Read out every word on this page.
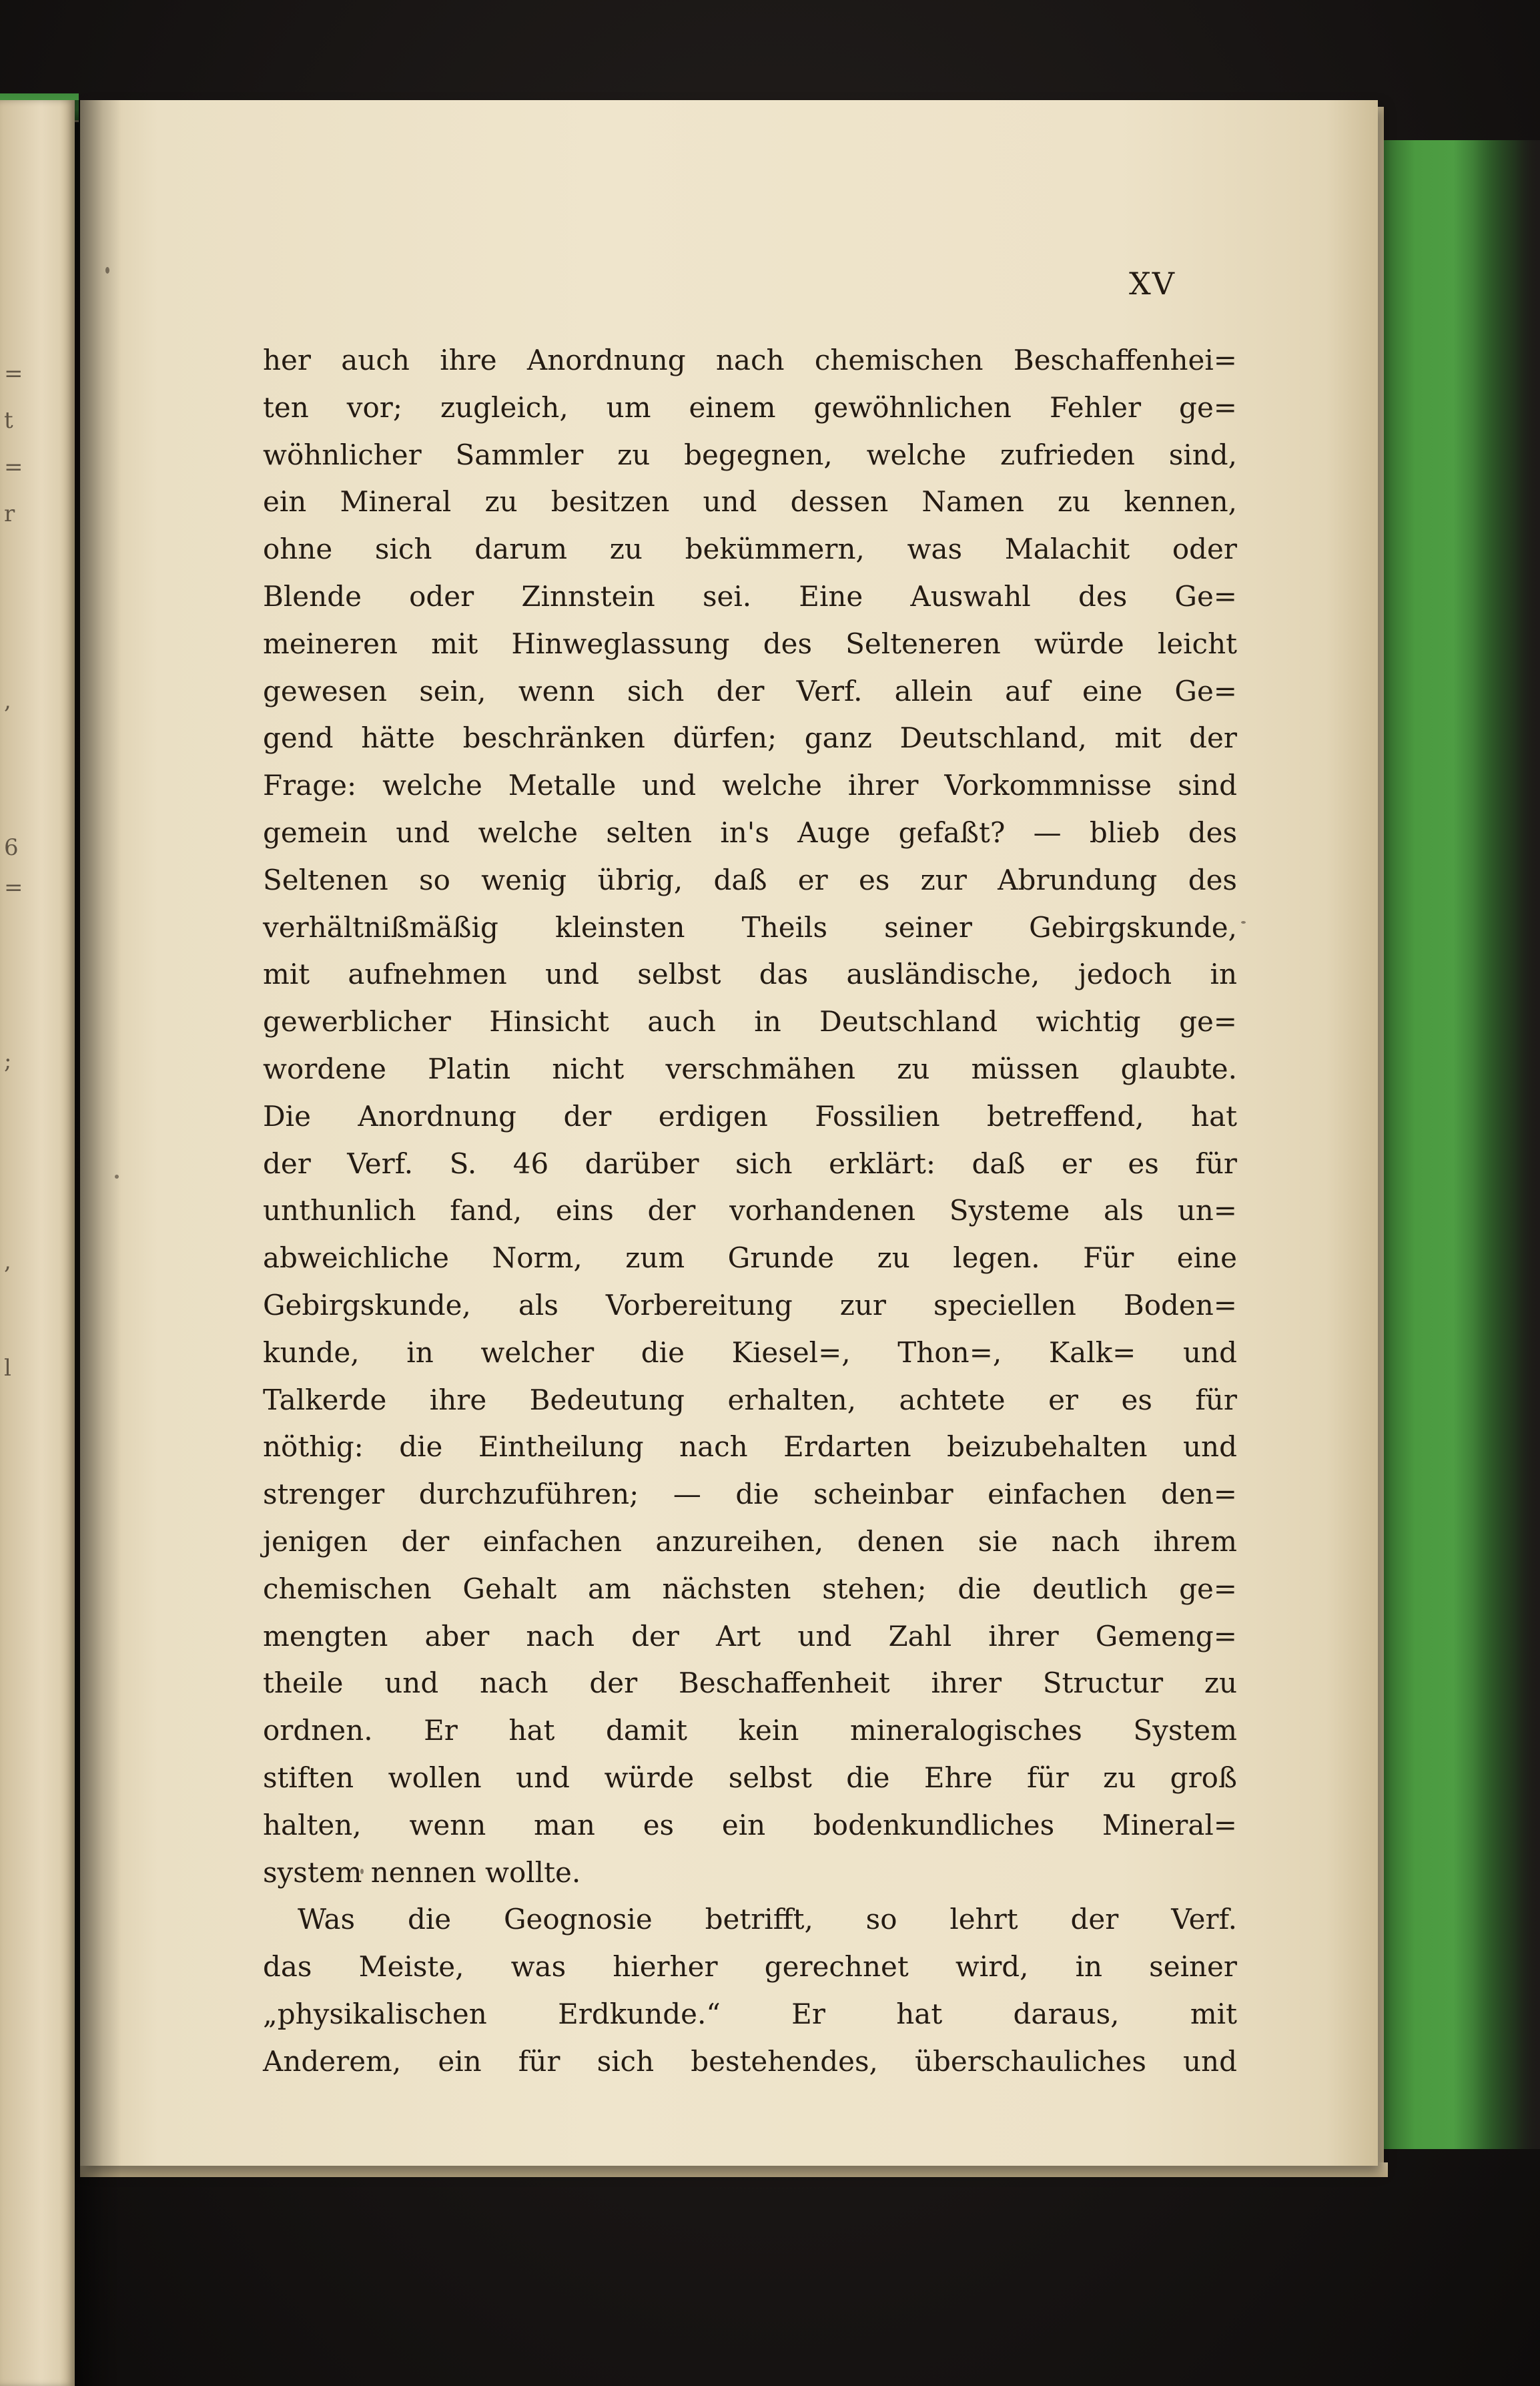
=
t
=
r
,
6
=
;
,
l
XV
her auch ihre Anordnung nach chemischen Beschaffenhei=
ten vor; zugleich, um einem gewöhnlichen Fehler ge=
wöhnlicher Sammler zu begegnen, welche zufrieden sind,
ein Mineral zu besitzen und dessen Namen zu kennen,
ohne sich darum zu bekümmern, was Malachit oder
Blende oder Zinnstein sei. Eine Auswahl des Ge=
meineren mit Hinweglassung des Selteneren würde leicht
gewesen sein, wenn sich der Verf. allein auf eine Ge=
gend hätte beschränken dürfen; ganz Deutschland, mit der
Frage: welche Metalle und welche ihrer Vorkommnisse sind
gemein und welche selten in's Auge gefaßt? — blieb des
Seltenen so wenig übrig, daß er es zur Abrundung des
verhältnißmäßig kleinsten Theils seiner Gebirgskunde,
mit aufnehmen und selbst das ausländische, jedoch in
gewerblicher Hinsicht auch in Deutschland wichtig ge=
wordene Platin nicht verschmähen zu müssen glaubte.
Die Anordnung der erdigen Fossilien betreffend, hat
der Verf. S. 46 darüber sich erklärt: daß er es für
unthunlich fand, eins der vorhandenen Systeme als un=
abweichliche Norm, zum Grunde zu legen. Für eine
Gebirgskunde, als Vorbereitung zur speciellen Boden=
kunde, in welcher die Kiesel=, Thon=, Kalk= und
Talkerde ihre Bedeutung erhalten, achtete er es für
nöthig: die Eintheilung nach Erdarten beizubehalten und
strenger durchzuführen; — die scheinbar einfachen den=
jenigen der einfachen anzureihen, denen sie nach ihrem
chemischen Gehalt am nächsten stehen; die deutlich ge=
mengten aber nach der Art und Zahl ihrer Gemeng=
theile und nach der Beschaffenheit ihrer Structur zu
ordnen. Er hat damit kein mineralogisches System
stiften wollen und würde selbst die Ehre für zu groß
halten, wenn man es ein bodenkundliches Mineral=
system nennen wollte.
Was die Geognosie betrifft, so lehrt der Verf.
das Meiste, was hierher gerechnet wird, in seiner
„physikalischen Erdkunde.“ Er hat daraus, mit
Anderem, ein für sich bestehendes, überschauliches und
